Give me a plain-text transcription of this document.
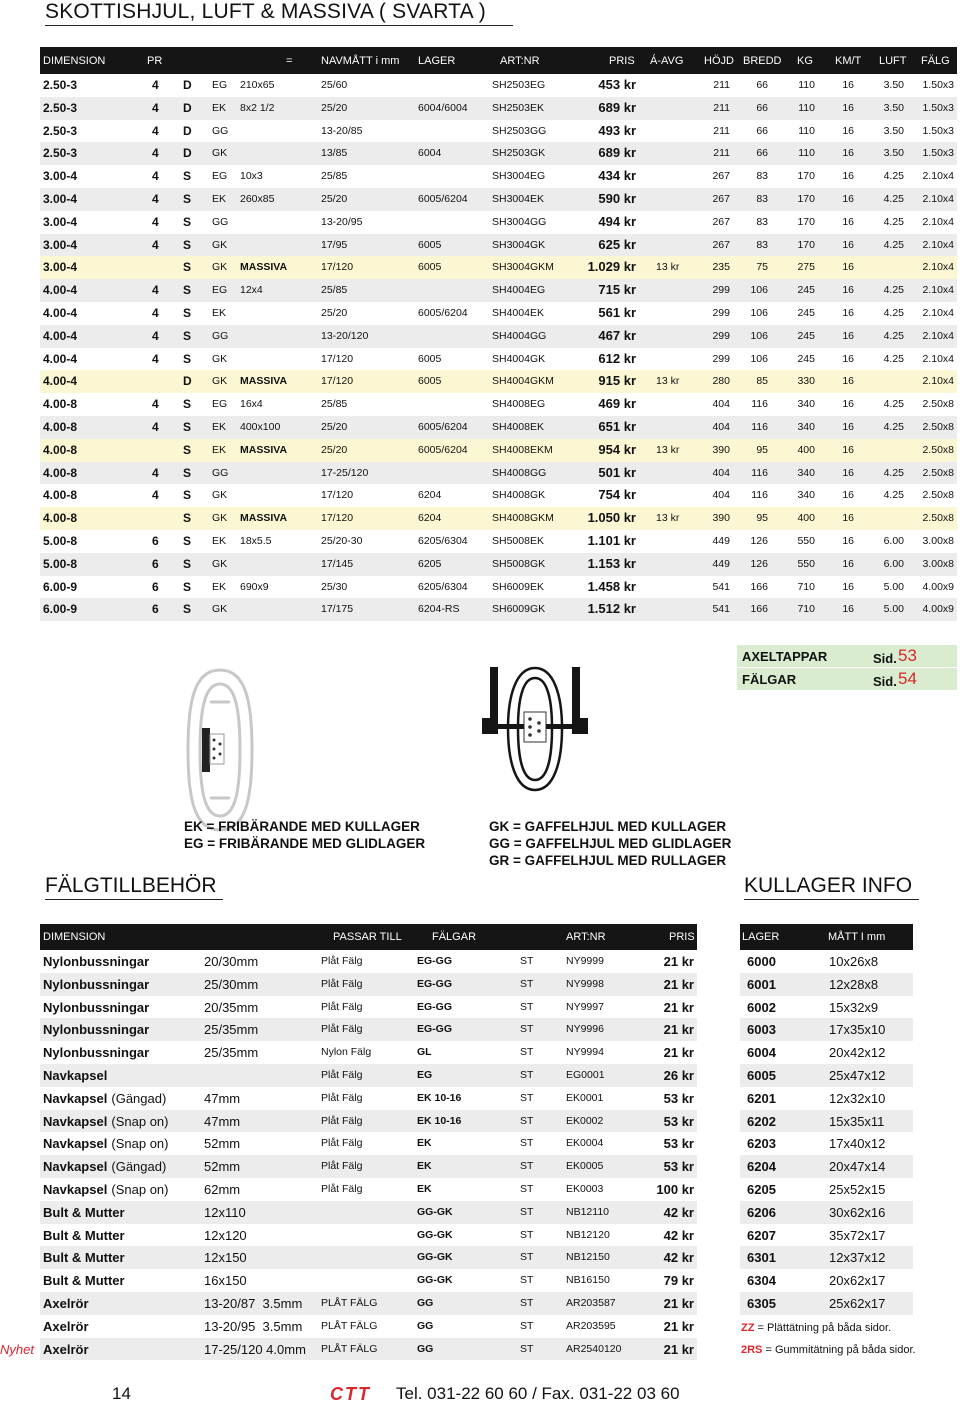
SKOTTISHJUL, LUFT & MASSIVA ( SVARTA )
DIMENSION	PR	=	NAVMÅTT i mm LAGER	ART:NR	PRIS Á-AVG HÖJD BREDD KG KM/T LUFT FÄLG
2.50-3	4 D EG 210x65	25/60	SH2503EG	453 kr	211	66	110	16	3.50 1.50x3
2.50-3	4 D EK 8x2 1/2	25/20	6004/6004 SH2503EK	689 kr	211	66	110	16	3.50 1.50x3
2.50-3	4 D GG	13-20/85	SH2503GG	493 kr	211	66	110	16	3.50 1.50x3
2.50-3	4 D GK	13/85	6004	SH2503GK	689 kr	211	66	110	16	3.50 1.50x3
3.00-4	4 S EG 10x3	25/85	SH3004EG	434 kr	267	83	170	16	4.25 2.10x4
3.00-4	4 S EK 260x85	25/20	6005/6204 SH3004EK	590 kr	267	83	170	16	4.25 2.10x4
3.00-4	4 S GG	13-20/95	SH3004GG	494 kr	267	83	170	16	4.25 2.10x4
3.00-4	4 S GK	17/95	6005	SH3004GK	625 kr	267	83	170	16	4.25 2.10x4
3.00-4	S GK MASSIVA	17/120	6005	SH3004GKM	1.029 kr 13 kr	235	75	275	16	2.10x4
4.00-4	4 S EG 12x4	25/85	SH4004EG	715 kr	299 106	245	16	4.25 2.10x4
4.00-4	4 S EK	25/20	6005/6204 SH4004EK	561 kr	299 106	245	16	4.25 2.10x4
4.00-4	4 S GG	13-20/120	SH4004GG	467 kr	299 106	245	16	4.25 2.10x4
4.00-4	4 S GK	17/120	6005	SH4004GK	612 kr	299 106	245	16	4.25 2.10x4
4.00-4	D GK MASSIVA	17/120	6005	SH4004GKM	915 kr 13 kr	280	85	330	16	2.10x4
4.00-8	4 S EG 16x4	25/85	SH4008EG	469 kr	404 116	340	16	4.25 2.50x8
4.00-8	4 S EK 400x100	25/20	6005/6204 SH4008EK	651 kr	404 116	340	16	4.25 2.50x8
4.00-8	S EK MASSIVA	25/20	6005/6204 SH4008EKM	954 kr 13 kr	390	95	400	16	2.50x8
4.00-8	4 S GG	17-25/120	SH4008GG	501 kr	404 116	340	16	4.25 2.50x8
4.00-8	4 S GK	17/120	6204	SH4008GK	754 kr	404 116	340	16	4.25 2.50x8
4.00-8	S GK MASSIVA	17/120	6204	SH4008GKM	1.050 kr 13 kr	390	95	400	16	2.50x8
5.00-8	6 S EK 18x5.5	25/20-30	6205/6304 SH5008EK	1.101 kr	449 126	550	16	6.00 3.00x8
5.00-8	6 S GK	17/145	6205	SH5008GK	1.153 kr	449 126	550	16	6.00 3.00x8
6.00-9	6 S EK 690x9	25/30	6205/6304 SH6009EK	1.458 kr	541 166	710	16	5.00 4.00x9
6.00-9	6 S GK	17/175	6204-RS	SH6009GK	1.512 kr	541 166	710	16	5.00 4.00x9
AXELTAPPAR	Sid. 53
FÄLGAR	Sid. 54
EK = FRIBÄRANDE MED KULLAGER
EG = FRIBÄRANDE MED GLIDLAGER
GK = GAFFELHJUL MED KULLAGER
GG = GAFFELHJUL MED GLIDLAGER
GR = GAFFELHJUL MED RULLAGER
FÄLGTILLBEHÖR	KULLAGER INFO
DIMENSION	PASSAR TILL	FÄLGAR	ART:NR	PRIS
Nylonbussningar	20/30mm	Plåt Fälg	EG-GG	ST	NY9999	21 kr
Nylonbussningar	25/30mm	Plåt Fälg	EG-GG	ST	NY9998	21 kr
Nylonbussningar	20/35mm	Plåt Fälg	EG-GG	ST	NY9997	21 kr
Nylonbussningar	25/35mm	Plåt Fälg	EG-GG	ST	NY9996	21 kr
Nylonbussningar	25/35mm	Nylon Fälg	GL	ST	NY9994	21 kr
Navkapsel	Plåt Fälg	EG	ST	EG0001	26 kr
Navkapsel (Gängad)	47mm	Plåt Fälg	EK 10-16	ST	EK0001	53 kr
Navkapsel (Snap on)	47mm	Plåt Fälg	EK 10-16	ST	EK0002	53 kr
Navkapsel (Snap on)	52mm	Plåt Fälg	EK	ST	EK0004	53 kr
Navkapsel (Gängad)	52mm	Plåt Fälg	EK	ST	EK0005	53 kr
Navkapsel (Snap on)	62mm	Plåt Fälg	EK	ST	EK0003	100 kr
Bult & Mutter	12x110	GG-GK	ST	NB12110	42 kr
Bult & Mutter	12x120	GG-GK	ST	NB12120	42 kr
Bult & Mutter	12x150	GG-GK	ST	NB12150	42 kr
Bult & Mutter	16x150	GG-GK	ST	NB16150	79 kr
Axelrör	13-20/87  3.5mm PLÅT FÄLG	GG	ST	AR203587	21 kr
Axelrör	13-20/95  3.5mm PLÅT FÄLG	GG	ST	AR203595	21 kr
Axelrör	17-25/120 4.0mm PLÅT FÄLG	GG	ST	AR2540120	21 kr
Nyhet
LAGER	MÅTT I mm
6000	10x26x8
6001	12x28x8
6002	15x32x9
6003	17x35x10
6004	20x42x12
6005	25x47x12
6201	12x32x10
6202	15x35x11
6203	17x40x12
6204	20x47x14
6205	25x52x15
6206	30x62x16
6207	35x72x17
6301	12x37x12
6304	20x62x17
6305	25x62x17
ZZ = Plättätning på båda sidor.
2RS = Gummitätning på båda sidor.
14	CTT Tel. 031-22 60 60 / Fax. 031-22 03 60
